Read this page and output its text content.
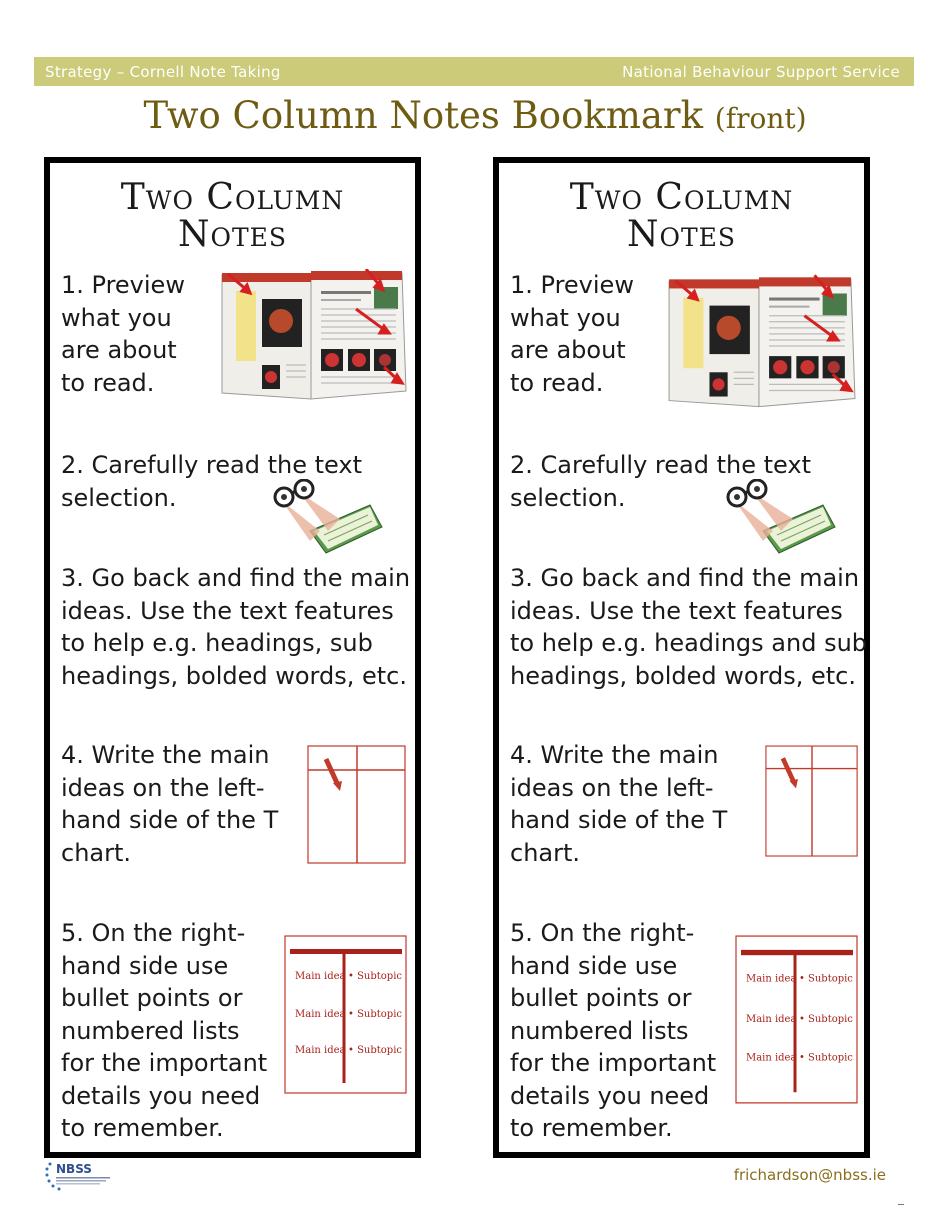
Strategy – Cornell Note Taking	National Behaviour Support Service
Two Column Notes Bookmark (front)
Two Column
Notes
1. Preview
what you
are about
to read.
2. Carefully read the text
selection.
3. Go back and find the main
ideas. Use the text features
to help e.g. headings, sub
headings, bolded words, etc.
4. Write the main
ideas on the left-
hand side of the T
chart.
5. On the right-
hand side use
bullet points or
numbered lists
for the important
details you need
to remember.
Main idea • Subtopic
Main idea • Subtopic
Main idea • Subtopic
Two Column
Notes
1. Preview
what you
are about
to read.
2. Carefully read the text
selection.
3. Go back and find the main
ideas. Use the text features
to help e.g. headings and sub
headings, bolded words, etc.
4. Write the main
ideas on the left-
hand side of the T
chart.
5. On the right-
hand side use
bullet points or
numbered lists
for the important
details you need
to remember.
Main idea • Subtopic
Main idea • Subtopic
Main idea • Subtopic
NBSS	frichardson@nbss.ie
